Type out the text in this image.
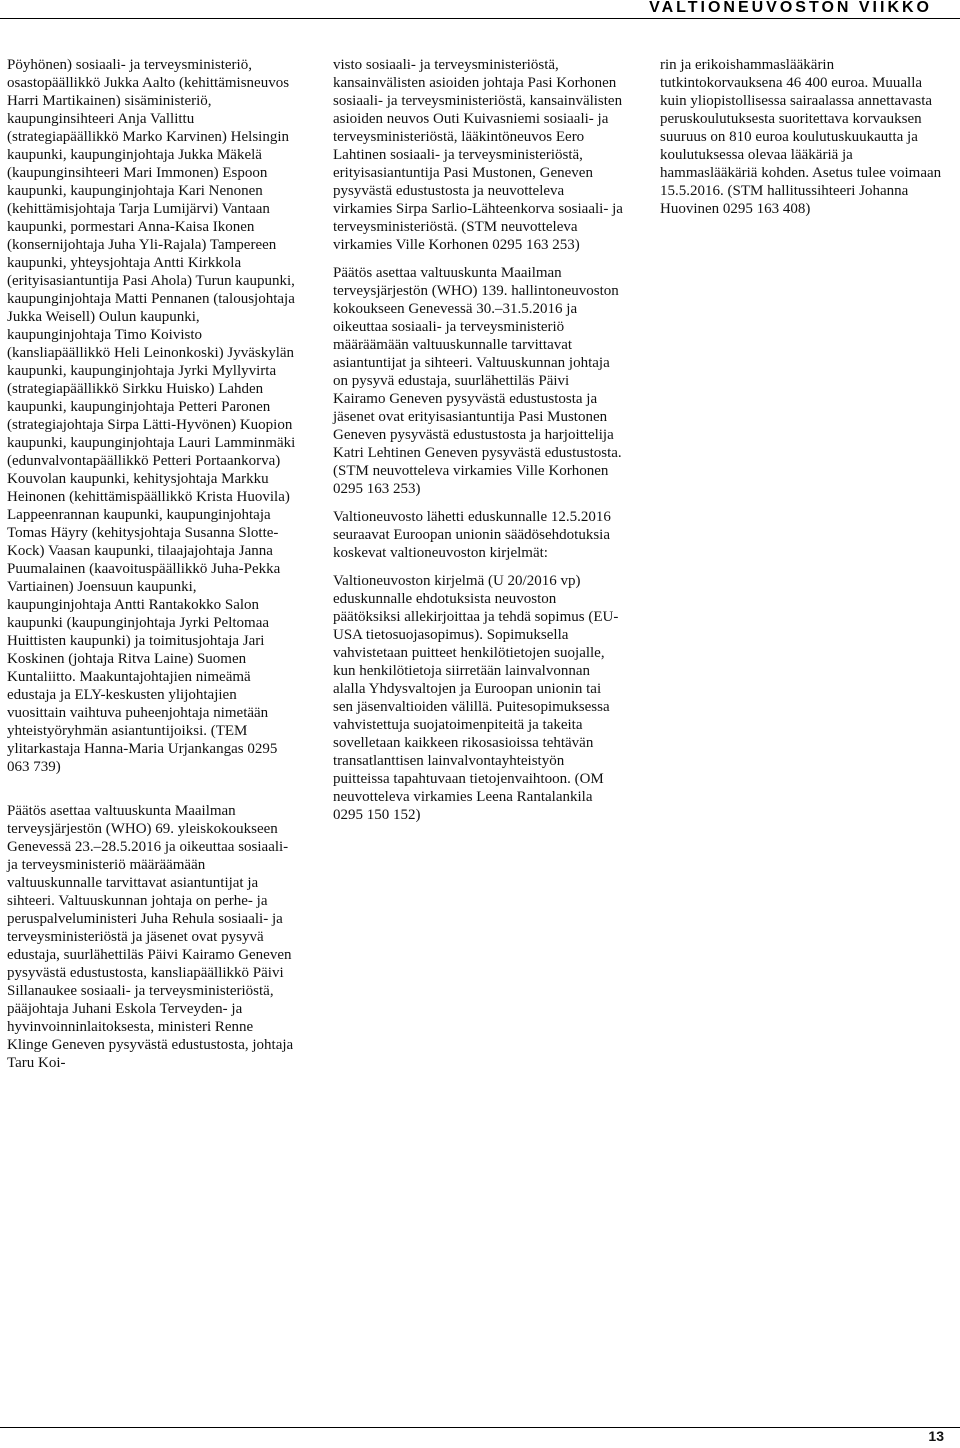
VALTIONEUVOSTON VIIKKO

Pöyhönen) sosiaali- ja terveysministeriö, osastopäällikkö Jukka Aalto (kehittämisneuvos Harri Martikainen) sisäministeriö, kaupunginsihteeri Anja Vallittu (strategiapäällikkö Marko Karvinen) Helsingin kaupunki, kaupunginjohtaja Jukka Mäkelä (kaupunginsihteeri Mari Immonen) Espoon kaupunki, kaupunginjohtaja Kari Nenonen (kehittämisjohtaja Tarja Lumijärvi) Vantaan kaupunki, pormestari Anna-Kaisa Ikonen (konsernijohtaja Juha Yli-Rajala) Tampereen kaupunki, yhteysjohtaja Antti Kirkkola (erityisasiantuntija Pasi Ahola) Turun kaupunki, kaupunginjohtaja Matti Pennanen (talousjohtaja Jukka Weisell) Oulun kaupunki, kaupunginjohtaja Timo Koivisto (kansliapäällikkö Heli Leinonkoski) Jyväskylän kaupunki, kaupunginjohtaja Jyrki Myllyvirta (strategiapäällikkö Sirkku Huisko) Lahden kaupunki, kaupunginjohtaja Petteri Paronen (strategiajohtaja Sirpa Lätti-Hyvönen) Kuopion kaupunki, kaupunginjohtaja Lauri Lamminmäki (edunvalvontapäällikkö Petteri Portaankorva) Kouvolan kaupunki, kehitysjohtaja Markku Heinonen (kehittämispäällikkö Krista Huovila) Lappeenrannan kaupunki, kaupunginjohtaja Tomas Häyry (kehitysjohtaja Susanna Slotte-Kock) Vaasan kaupunki, tilaajajohtaja Janna Puumalainen (kaavoituspäällikkö Juha-Pekka Vartiainen) Joensuun kaupunki, kaupunginjohtaja Antti Rantakokko Salon kaupunki (kaupunginjohtaja Jyrki Peltomaa Huittisten kaupunki) ja toimitusjohtaja Jari Koskinen (johtaja Ritva Laine) Suomen Kuntaliitto. Maakuntajohtajien nimeämä edustaja ja ELY-keskusten ylijohtajien vuosittain vaihtuva puheenjohtaja nimetään yhteistyöryhmän asiantuntijoiksi. (TEM ylitarkastaja Hanna-Maria Urjankangas 0295 063 739)

Päätös asettaa valtuuskunta Maailman terveysjärjestön (WHO) 69. yleiskokoukseen Genevessä 23.–28.5.2016 ja oikeuttaa sosiaali- ja terveysministeriö määräämään valtuuskunnalle tarvittavat asiantuntijat ja sihteeri. Valtuuskunnan johtaja on perhe- ja peruspalveluministeri Juha Rehula sosiaali- ja terveysministeriöstä ja jäsenet ovat pysyvä edustaja, suurlähettiläs Päivi Kairamo Geneven pysyvästä edustustosta, kansliapäällikkö Päivi Sillanaukee sosiaali- ja terveysministeriöstä, pääjohtaja Juhani Eskola Terveyden- ja hyvinvoinninlaitoksesta, ministeri Renne Klinge Geneven pysyvästä edustustosta, johtaja Taru Koi-

visto sosiaali- ja terveysministeriöstä, kansainvälisten asioiden johtaja Pasi Korhonen sosiaali- ja terveysministeriöstä, kansainvälisten asioiden neuvos Outi Kuivasniemi sosiaali- ja terveysministeriöstä, lääkintöneuvos Eero Lahtinen sosiaali- ja terveysministeriöstä, erityisasiantuntija Pasi Mustonen, Geneven pysyvästä edustustosta ja neuvotteleva virkamies Sirpa Sarlio-Lähteenkorva sosiaali- ja terveysministeriöstä. (STM neuvotteleva virkamies Ville Korhonen 0295 163 253)

Päätös asettaa valtuuskunta Maailman terveysjärjestön (WHO) 139. hallintoneuvoston kokoukseen Genevessä 30.–31.5.2016 ja oikeuttaa sosiaali- ja terveysministeriö määräämään valtuuskunnalle tarvittavat asiantuntijat ja sihteeri. Valtuuskunnan johtaja on pysyvä edustaja, suurlähettiläs Päivi Kairamo Geneven pysyvästä edustustosta ja jäsenet ovat erityisasiantuntija Pasi Mustonen Geneven pysyvästä edustustosta ja harjoittelija Katri Lehtinen Geneven pysyvästä edustustosta. (STM neuvotteleva virkamies Ville Korhonen 0295 163 253)

Valtioneuvosto lähetti eduskunnalle 12.5.2016 seuraavat Euroopan unionin säädösehdotuksia koskevat valtioneuvoston kirjelmät:

Valtioneuvoston kirjelmä (U 20/2016 vp) eduskunnalle ehdotuksista neuvoston päätöksiksi allekirjoittaa ja tehdä sopimus (EU-USA tietosuojasopimus). Sopimuksella vahvistetaan puitteet henkilötietojen suojalle, kun henkilötietoja siirretään lainvalvonnan alalla Yhdysvaltojen ja Euroopan unionin tai sen jäsenvaltioiden välillä. Puitesopimuksessa vahvistettuja suojatoimenpiteitä ja takeita sovelletaan kaikkeen rikosasioissa tehtävän transatlanttisen lainvalvontayhteistyön puitteissa tapahtuvaan tietojenvaihtoon. (OM neuvotteleva virkamies Leena Rantalankila 0295 150 152)

rin ja erikoishammaslääkärin tutkintokorvauksena 46 400 euroa. Muualla kuin yliopistollisessa sairaalassa annettavasta peruskoulutuksesta suoritettava korvauksen suuruus on 810 euroa koulutuskuukautta ja koulutuksessa olevaa lääkäriä ja hammaslääkäriä kohden. Asetus tulee voimaan 15.5.2016. (STM hallitussihteeri Johanna Huovinen 0295 163 408)

13
